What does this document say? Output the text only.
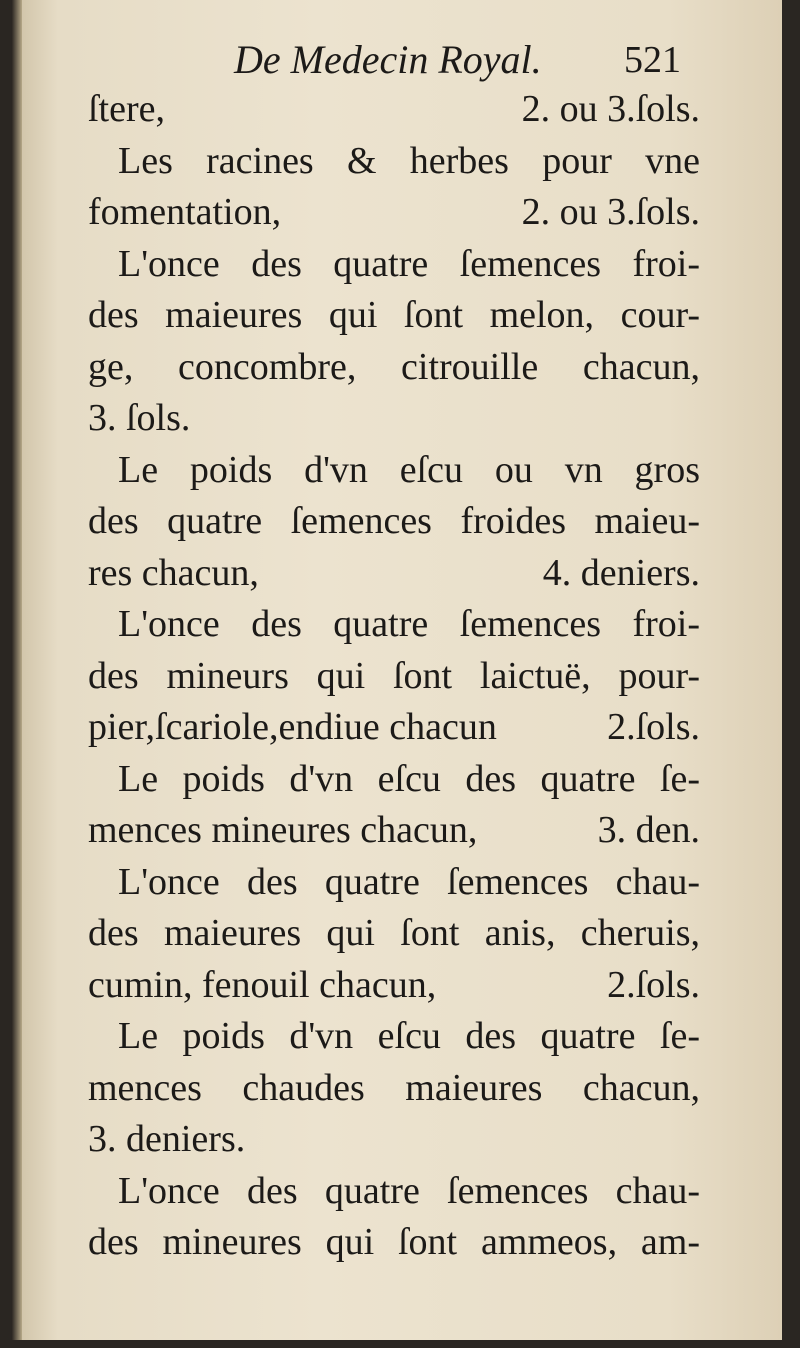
De Medecin Royal. 521
ſtere,	2. ou 3.ſols.
Les racines & herbes pour vne
fomentation,	2. ou 3.ſols.
L'once des quatre ſemences froi-
des maieures qui ſont melon, cour-
ge, concombre, citrouille chacun,
3. ſols.
Le poids d'vn eſcu ou vn gros
des quatre ſemences froides maieu-
res chacun,	4. deniers.
L'once des quatre ſemences froi-
des mineurs qui ſont laictuë, pour-
pier,ſcariole,endiue chacun	2.ſols.
Le poids d'vn eſcu des quatre ſe-
mences mineures chacun,	3. den.
L'once des quatre ſemences chau-
des maieures qui ſont anis, cheruis,
cumin, fenouil chacun,	2.ſols.
Le poids d'vn eſcu des quatre ſe-
mences chaudes maieures chacun,
3. deniers.
L'once des quatre ſemences chau-
des mineures qui ſont ammeos, am-
